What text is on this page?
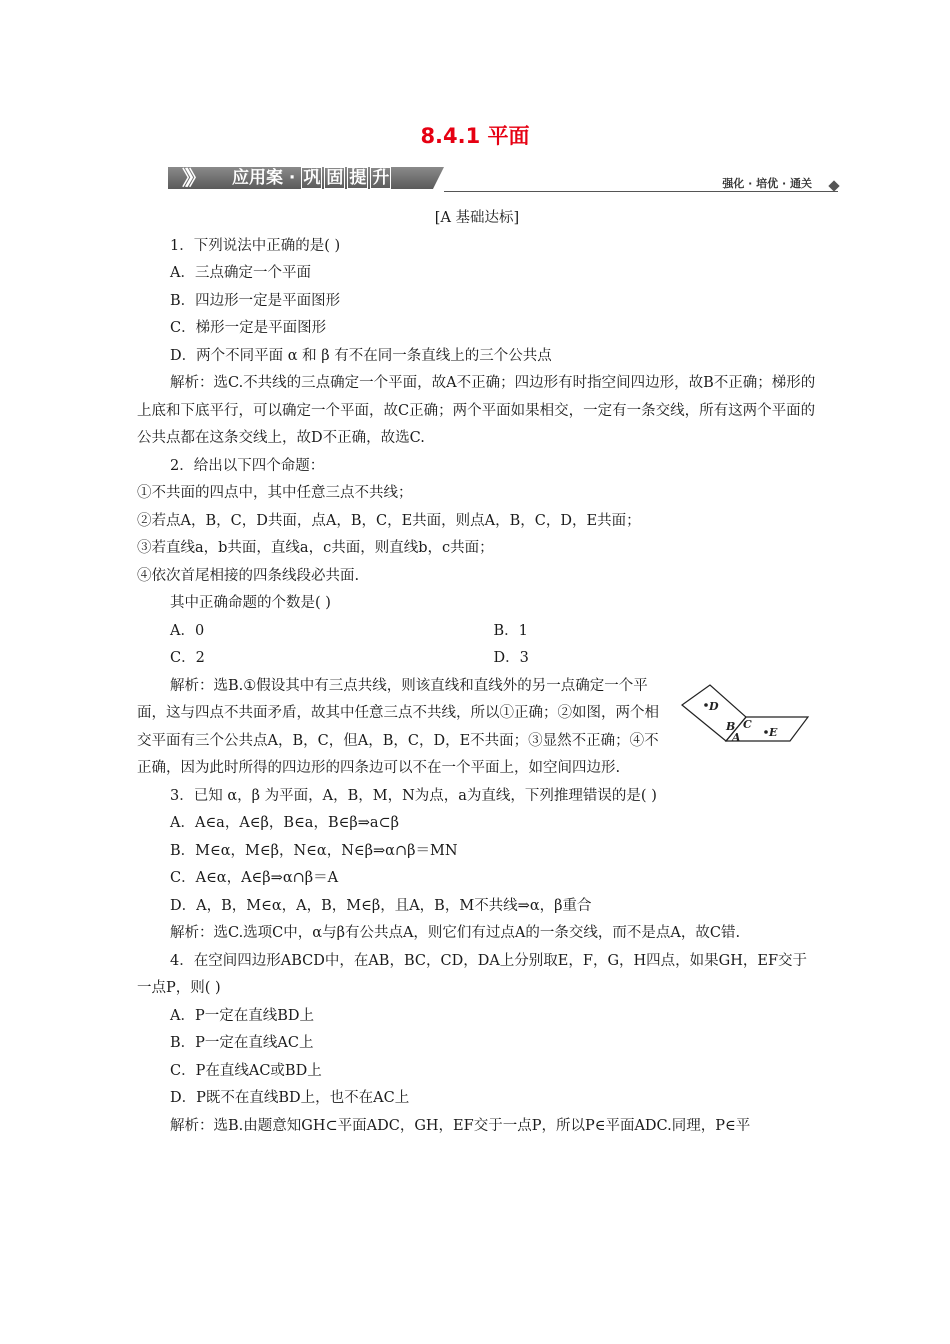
8.4.1 平面
》》 应用案 · 巩 固 提 升	强化 · 培优 · 通关

[A 基础达标]

1．下列说法中正确的是( )

A．三点确定一个平面

B．四边形一定是平面图形

C．梯形一定是平面图形

D．两个不同平面 α 和 β 有不在同一条直线上的三个公共点

解析：选C.不共线的三点确定一个平面，故A不正确；四边形有时指空间四边形，故B不正确；梯形的上底和下底平行，可以确定一个平面，故C正确；两个平面如果相交，一定有一条交线，所有这两个平面的公共点都在这条交线上，故D不正确，故选C.

2．给出以下四个命题：

①不共面的四点中，其中任意三点不共线；

②若点A，B，C，D共面，点A，B，C，E共面，则点A，B，C，D，E共面；

③若直线a，b共面，直线a，c共面，则直线b，c共面；

④依次首尾相接的四条线段必共面.

其中正确命题的个数是( )

A．0	B．1
C．2	D．3

解析：选B.①假设其中有三点共线，则该直线和直线外的另一点确定一个平面，这与四点不共面矛盾，故其中任意三点不共线，所以①正确；②如图，两个相交平面有三个公共点A，B，C，但A，B，C，D，E不共面；③显然不正确；④不正确，因为此时所得的四边形的四条边可以不在一个平面上，如空间四边形.

3．已知 α，β 为平面，A，B，M，N为点，a为直线，下列推理错误的是( )

A．A∈a，A∈β，B∈a，B∈β⇒a⊂β

B．M∈α，M∈β，N∈α，N∈β⇒α∩β＝MN

C．A∈α，A∈β⇒α∩β＝A

D．A，B，M∈α，A，B，M∈β，且A，B，M不共线⇒α，β重合

解析：选C.选项C中，α与β有公共点A，则它们有过点A的一条交线，而不是点A，故C错.

4．在空间四边形ABCD中，在AB，BC，CD，DA上分别取E，F，G，H四点，如果GH，EF交于一点P，则( )

A．P一定在直线BD上

B．P一定在直线AC上

C．P在直线AC或BD上

D．P既不在直线BD上，也不在AC上

解析：选B.由题意知GH⊂平面ADC，GH，EF交于一点P，所以P∈平面ADC.同理，P∈平

D
B C
A	E
